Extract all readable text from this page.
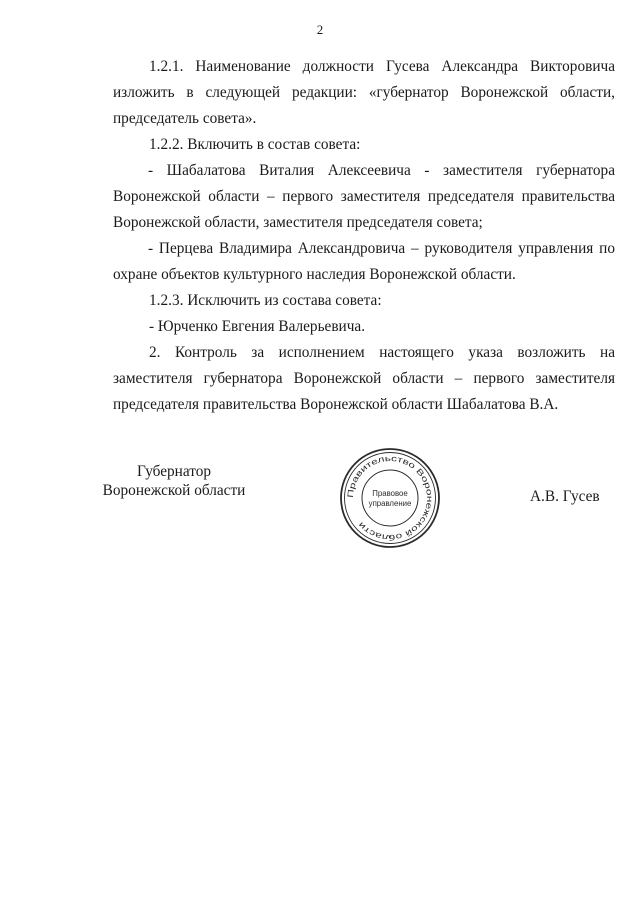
2

1.2.1. Наименование должности Гусева Александра Викторовича изложить в следующей редакции: «губернатор Воронежской области, председатель совета».

1.2.2. Включить в состав совета:

- Шабалатова Виталия Алексеевича - заместителя губернатора Воронежской области – первого заместителя председателя правительства Воронежской области, заместителя председателя совета;

- Перцева Владимира Александровича – руководителя управления по охране объектов культурного наследия Воронежской области.

1.2.3. Исключить из состава совета:

- Юрченко Евгения Валерьевича.

2. Контроль за исполнением настоящего указа возложить на заместителя губернатора Воронежской области – первого заместителя председателя правительства Воронежской области Шабалатова В.А.

Губернатор
Воронежской области	Правительство Воронежской области
Правовое
управление
*
А.В. Гусев
